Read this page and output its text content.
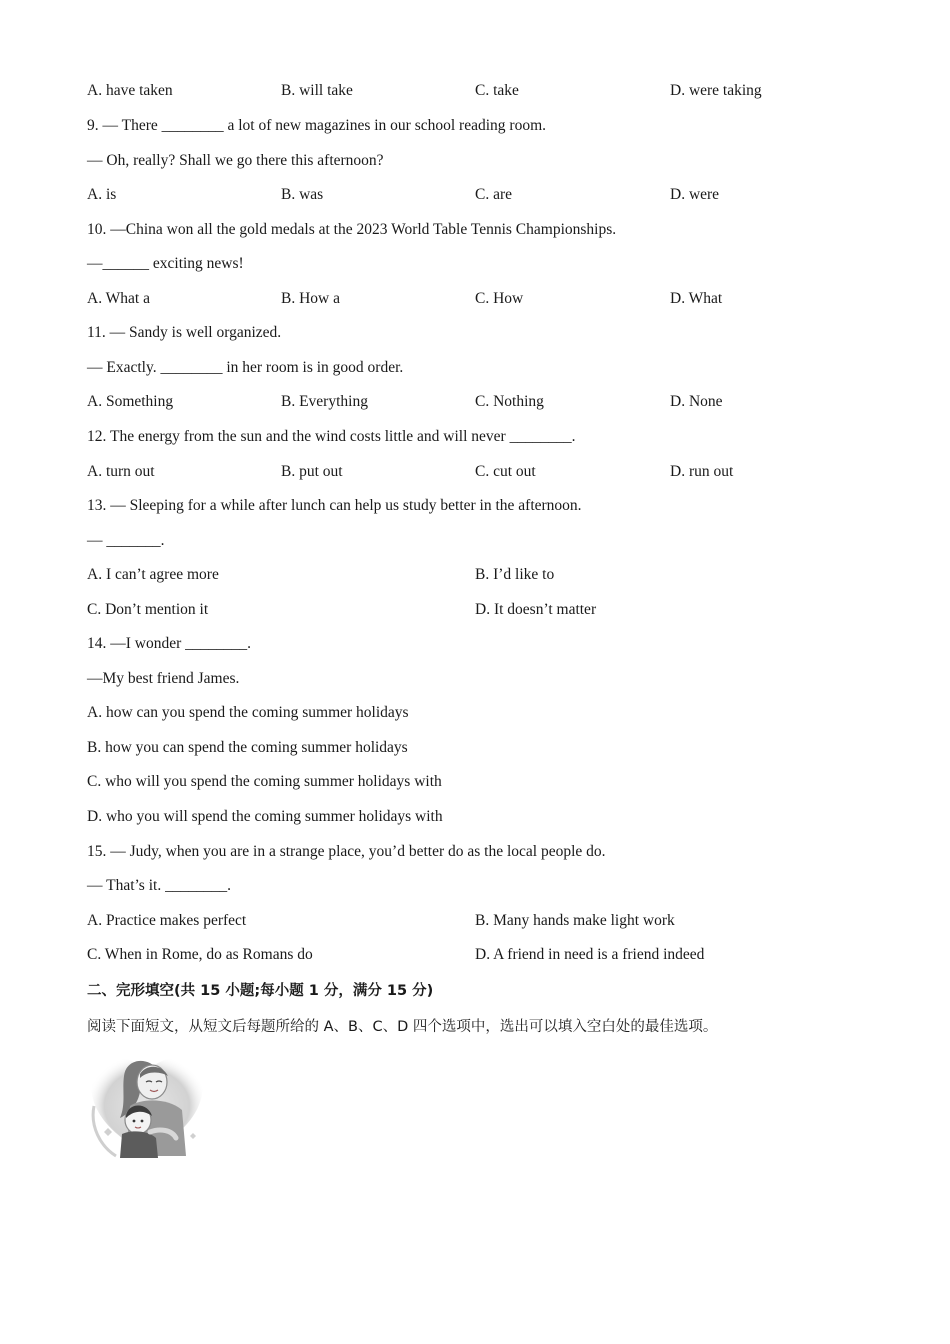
A. have taken	B. will take	C. take	D. were taking
9. — There ________ a lot of new magazines in our school reading room.
— Oh, really? Shall we go there this afternoon?
A. is	B. was	C. are	D. were
10. —China won all the gold medals at the 2023 World Table Tennis Championships.
—______ exciting news!
A. What a	B. How a	C. How	D. What
11. — Sandy is well organized.
— Exactly. ________ in her room is in good order.
A. Something	B. Everything	C. Nothing	D. None
12. The energy from the sun and the wind costs little and will never ________.
A. turn out	B. put out	C. cut out	D. run out
13. — Sleeping for a while after lunch can help us study better in the afternoon.
— _______.
A. I can’t agree more	B. I’d like to
C. Don’t mention it	D. It doesn’t matter
14. —I wonder ________.
—My best friend James.
A. how can you spend the coming summer holidays
B. how you can spend the coming summer holidays
C. who will you spend the coming summer holidays with
D. who you will spend the coming summer holidays with
15. — Judy, when you are in a strange place, you’d better do as the local people do.
— That’s it. ________.
A. Practice makes perfect	B. Many hands make light work
C. When in Rome, do as Romans do	D. A friend in need is a friend indeed
二、完形填空(共 15 小题;每小题 1 分，满分 15 分)
阅读下面短文，从短文后每题所给的 A、B、C、D 四个选项中，选出可以填入空白处的最佳选项。
